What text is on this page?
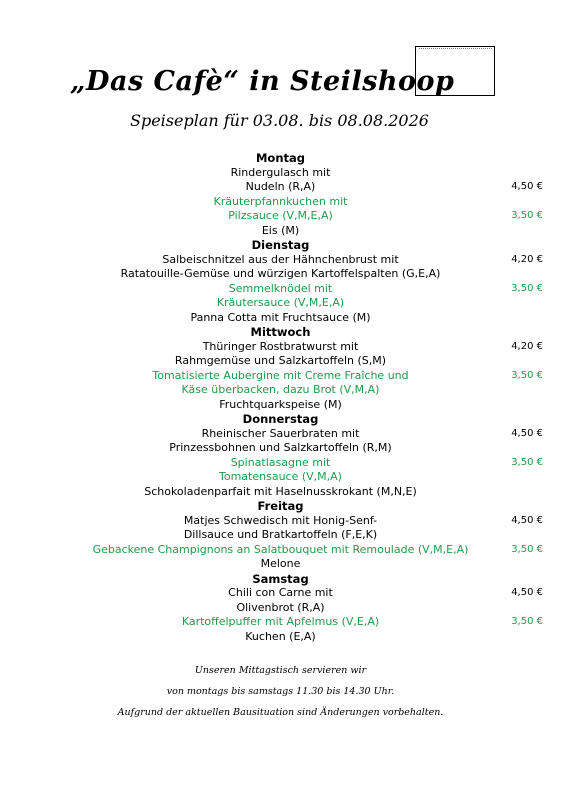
„Das Cafè“ in Steilshoop
Speiseplan für 03.08. bis 08.08.2026
Montag
Rindergulasch mit
Nudeln (R,A)	4,50 €
Kräuterpfannkuchen mit
Pilzsauce (V,M,E,A)	3,50 €
Eis (M)
Dienstag
Salbeischnitzel aus der Hähnchenbrust mit	4,20 €
Ratatouille-Gemüse und würzigen Kartoffelspalten (G,E,A)
Semmelknödel mit	3,50 €
Kräutersauce (V,M,E,A)
Panna Cotta mit Fruchtsauce (M)
Mittwoch
Thüringer Rostbratwurst mit	4,20 €
Rahmgemüse und Salzkartoffeln (S,M)
Tomatisierte Aubergine mit Creme Fraîche und	3,50 €
Käse überbacken, dazu Brot (V,M,A)
Fruchtquarkspeise (M)
Donnerstag
Rheinischer Sauerbraten mit	4,50 €
Prinzessbohnen und Salzkartoffeln (R,M)
Spinatlasagne mit	3,50 €
Tomatensauce (V,M,A)
Schokoladenparfait mit Haselnusskrokant (M,N,E)
Freitag
Matjes Schwedisch mit Honig-Senf-	4,50 €
Dillsauce und Bratkartoffeln (F,E,K)
Gebackene Champignons an Salatbouquet mit Remoulade (V,M,E,A)	3,50 €
Melone
Samstag
Chili con Carne mit	4,50 €
Olivenbrot (R,A)
Kartoffelpuffer mit Apfelmus (V,E,A)	3,50 €
Kuchen (E,A)
Unseren Mittagstisch servieren wir
von montags bis samstags 11.30 bis 14.30 Uhr.
Aufgrund der aktuellen Bausituation sind Änderungen vorbehalten.
